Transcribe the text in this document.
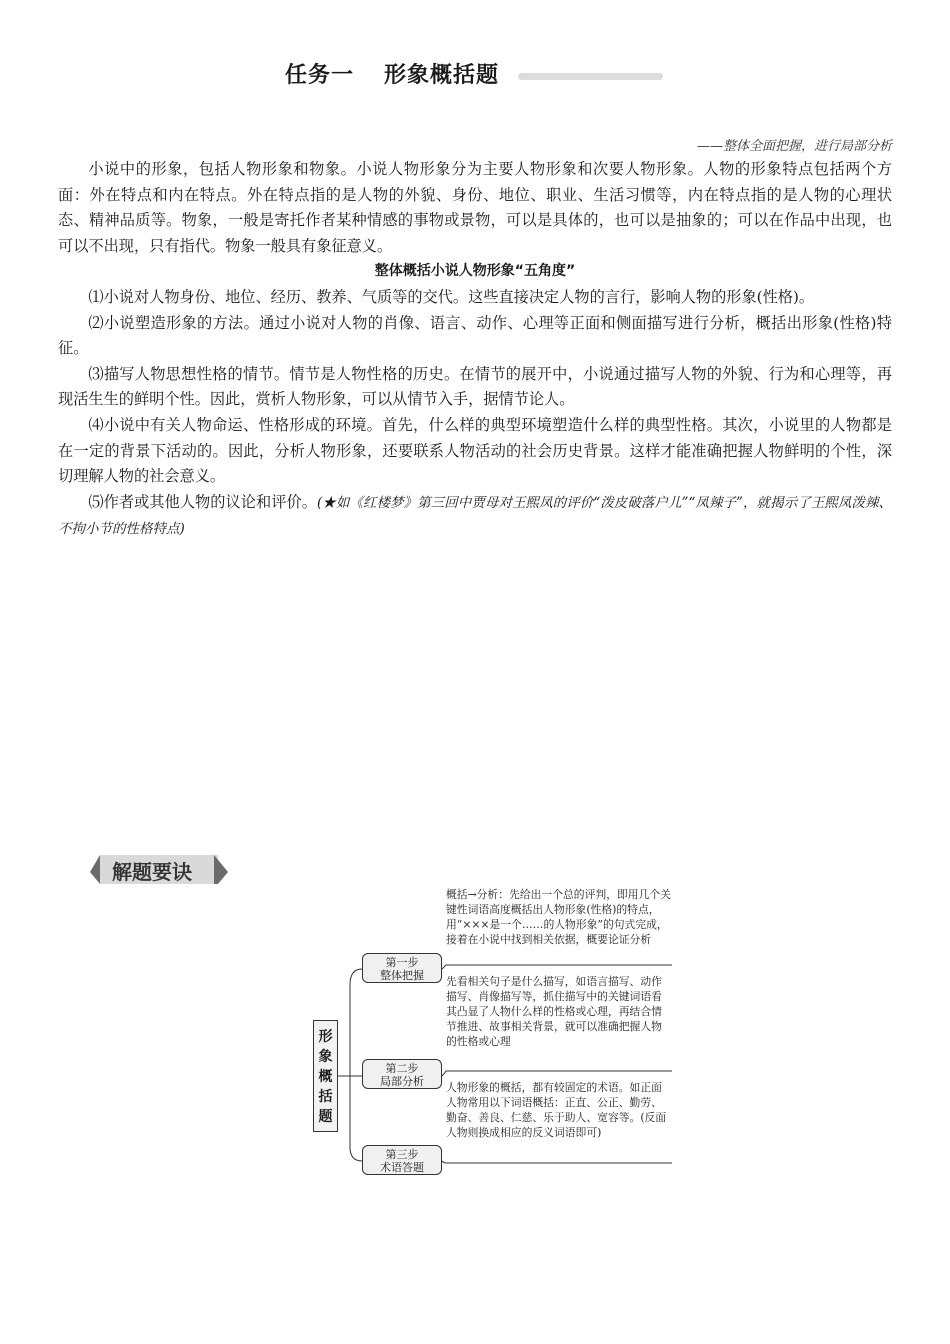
任务一 形象概括题
——整体全面把握，进行局部分析

小说中的形象，包括人物形象和物象。小说人物形象分为主要人物形象和次要人物形象。人物的形象特点包括两个方面：外在特点和内在特点。外在特点指的是人物的外貌、身份、地位、职业、生活习惯等，内在特点指的是人物的心理状态、精神品质等。物象，一般是寄托作者某种情感的事物或景物，可以是具体的，也可以是抽象的；可以在作品中出现，也可以不出现，只有指代。物象一般具有象征意义。

整体概括小说人物形象“五角度”

⑴小说对人物身份、地位、经历、教养、气质等的交代。这些直接决定人物的言行，影响人物的形象(性格)。

⑵小说塑造形象的方法。通过小说对人物的肖像、语言、动作、心理等正面和侧面描写进行分析，概括出形象(性格)特征。

⑶描写人物思想性格的情节。情节是人物性格的历史。在情节的展开中，小说通过描写人物的外貌、行为和心理等，再现活生生的鲜明个性。因此，赏析人物形象，可以从情节入手，据情节论人。

⑷小说中有关人物命运、性格形成的环境。首先，什么样的典型环境塑造什么样的典型性格。其次，小说里的人物都是在一定的背景下活动的。因此，分析人物形象，还要联系人物活动的社会历史背景。这样才能准确把握人物鲜明的个性，深切理解人物的社会意义。

⑸作者或其他人物的议论和评价。(★如《红楼梦》第三回中贾母对王熙凤的评价“泼皮破落户儿”“凤辣子”，就揭示了王熙凤泼辣、不拘小节的性格特点)

解题要诀
形
象
概
括
题
第一步
整体把握
第二步
局部分析
第三步
术语答题
概括→分析：先给出一个总的评判，即用几个关键性词语高度概括出人物形象(性格)的特点，用“×××是一个……的人物形象”的句式完成，接着在小说中找到相关依据，概要论证分析
先看相关句子是什么描写，如语言描写、动作描写、肖像描写等，抓住描写中的关键词语看其凸显了人物什么样的性格或心理，再结合情节推进、故事相关背景，就可以准确把握人物的性格或心理
人物形象的概括，都有较固定的术语。如正面人物常用以下词语概括：正直、公正、勤劳、勤奋、善良、仁慈、乐于助人、宽容等。(反面人物则换成相应的反义词语即可)
